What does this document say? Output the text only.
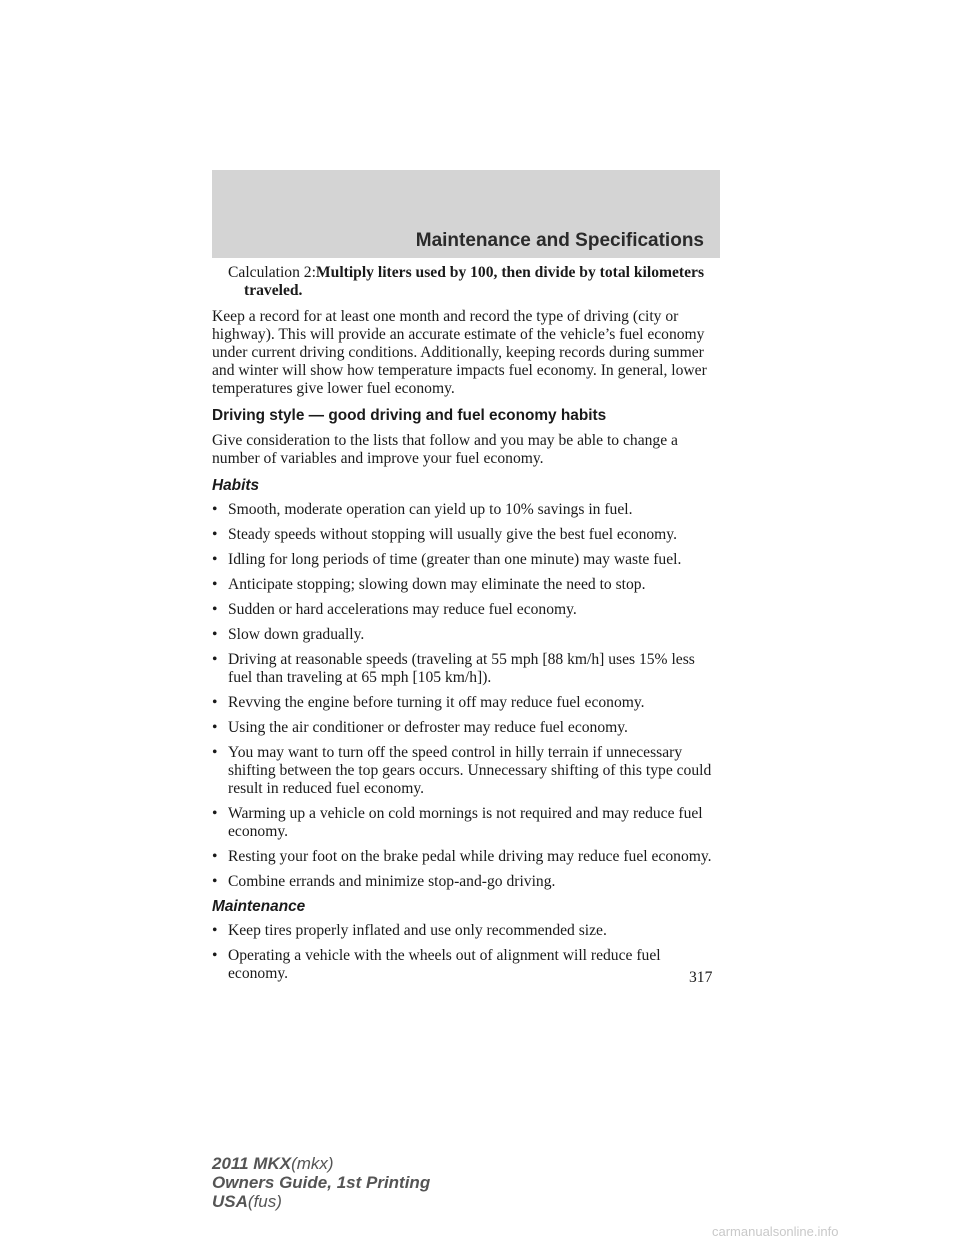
Maintenance and Specifications
Calculation 2:Multiply liters used by 100, then divide by total kilometers traveled.

Keep a record for at least one month and record the type of driving (city or highway). This will provide an accurate estimate of the vehicle’s fuel economy under current driving conditions. Additionally, keeping records during summer and winter will show how temperature impacts fuel economy. In general, lower temperatures give lower fuel economy.

Driving style — good driving and fuel economy habits

Give consideration to the lists that follow and you may be able to change a number of variables and improve your fuel economy.

Habits
• Smooth, moderate operation can yield up to 10% savings in fuel.
• Steady speeds without stopping will usually give the best fuel economy.
• Idling for long periods of time (greater than one minute) may waste fuel.
• Anticipate stopping; slowing down may eliminate the need to stop.
• Sudden or hard accelerations may reduce fuel economy.
• Slow down gradually.
• Driving at reasonable speeds (traveling at 55 mph [88 km/h] uses 15% less fuel than traveling at 65 mph [105 km/h]).
• Revving the engine before turning it off may reduce fuel economy.
• Using the air conditioner or defroster may reduce fuel economy.
• You may want to turn off the speed control in hilly terrain if unnecessary shifting between the top gears occurs. Unnecessary shifting of this type could result in reduced fuel economy.
• Warming up a vehicle on cold mornings is not required and may reduce fuel economy.
• Resting your foot on the brake pedal while driving may reduce fuel economy.
• Combine errands and minimize stop-and-go driving.
Maintenance
• Keep tires properly inflated and use only recommended size.
• Operating a vehicle with the wheels out of alignment will reduce fuel economy.	317
2011 MKX(mkx)
Owners Guide, 1st Printing
USA(fus)
carmanualsonline.info
